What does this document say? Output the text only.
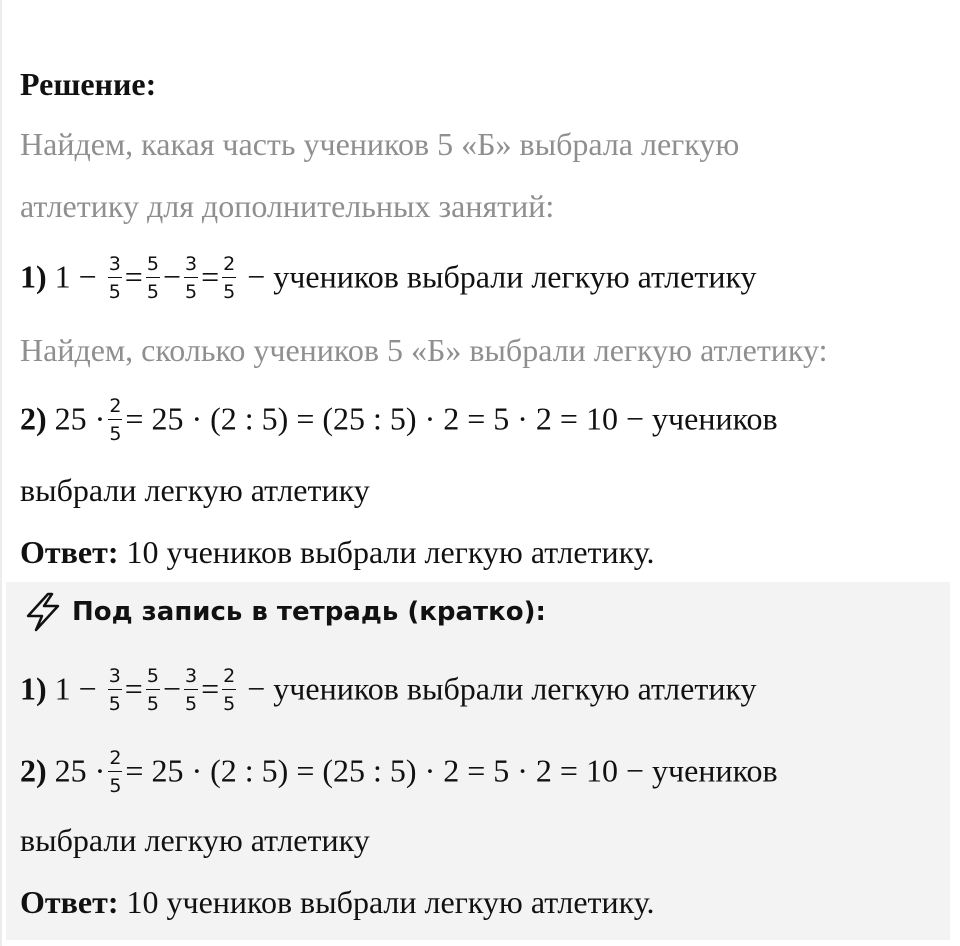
Решение:
Найдем, какая часть учеников 5 «Б» выбрала легкую
атлетику для дополнительных занятий:
1) $1 - \frac{3}{5} = \frac{5}{5} - \frac{3}{5} = \frac{2}{5}$ − учеников выбрали легкую атлетику
Найдем, сколько учеников 5 «Б» выбрали легкую атлетику:
2) $25 \cdot \frac{2}{5} = 25 \cdot (2$ : 5) = (25 : 5) · 2 = 5 · 2 = 10 − учеников
выбрали легкую атлетику
Ответ: 10 учеников выбрали легкую атлетику.
Под запись в тетрадь (кратко):
1) $1 - \frac{3}{5} = \frac{5}{5} - \frac{3}{5} = \frac{2}{5}$ − учеников выбрали легкую атлетику
2) $25 \cdot \frac{2}{5} = 25 \cdot (2$ : 5) = (25 : 5) · 2 = 5 · 2 = 10 − учеников
выбрали легкую атлетику
Ответ: 10 учеников выбрали легкую атлетику.
